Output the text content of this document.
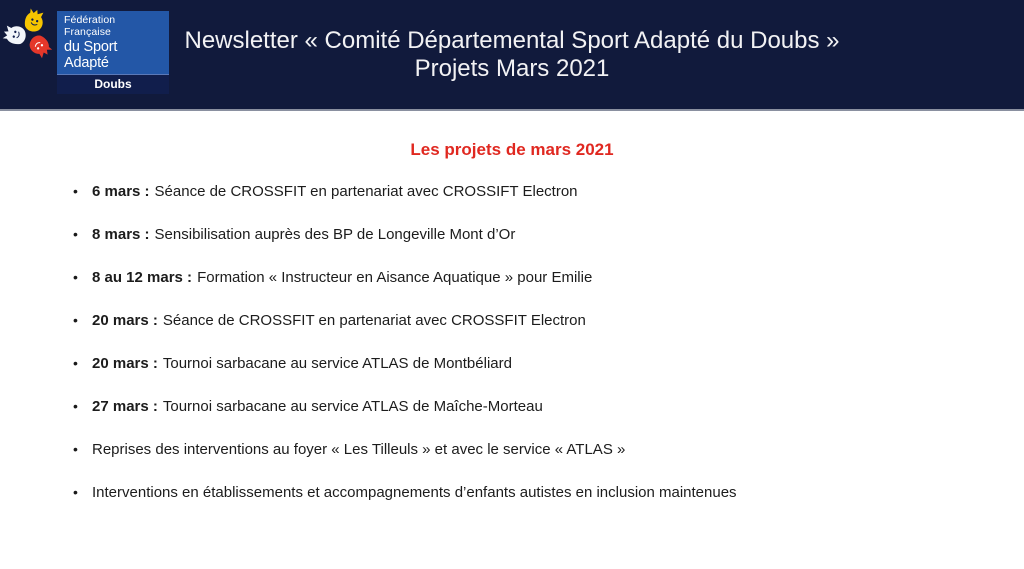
Fédération Française
du Sport Adapté
Doubs
Newsletter « Comité Départemental Sport Adapté du Doubs »
Projets Mars 2021
Les projets de mars 2021
• 6 mars : Séance de CROSSFIT en partenariat avec CROSSIFT Electron
• 8 mars : Sensibilisation auprès des BP de Longeville Mont d’Or
• 8 au 12 mars : Formation « Instructeur en Aisance Aquatique » pour Emilie
• 20 mars : Séance de CROSSFIT en partenariat avec CROSSFIT Electron
• 20 mars : Tournoi sarbacane au service ATLAS de Montbéliard
• 27 mars : Tournoi sarbacane au service ATLAS de Maîche-Morteau
• Reprises des interventions au foyer « Les Tilleuls » et avec le service « ATLAS »
• Interventions en établissements et accompagnements d’enfants autistes en inclusion maintenues
